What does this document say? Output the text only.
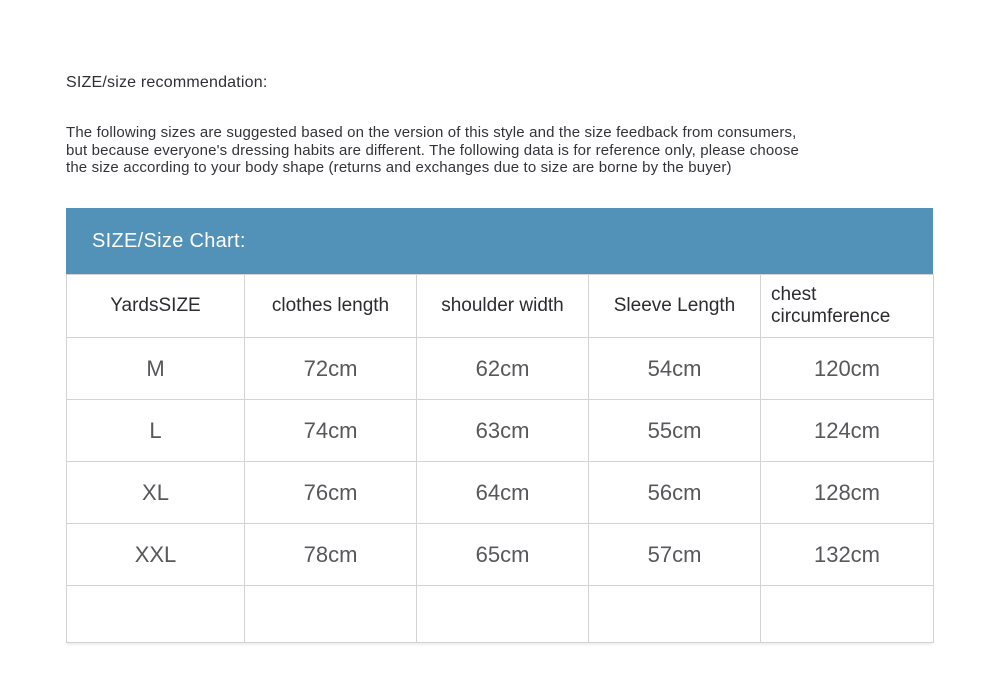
SIZE/size recommendation:
The following sizes are suggested based on the version of this style and the size feedback from consumers,
but because everyone's dressing habits are different. The following data is for reference only, please choose
the size according to your body shape (returns and exchanges due to size are borne by the buyer)
SIZE/Size Chart:
YardsSIZE	clothes length	shoulder width	Sleeve Length	chest circumference
M	72cm	62cm	54cm	120cm
L	74cm	63cm	55cm	124cm
XL	76cm	64cm	56cm	128cm
XXL	78cm	65cm	57cm	132cm
